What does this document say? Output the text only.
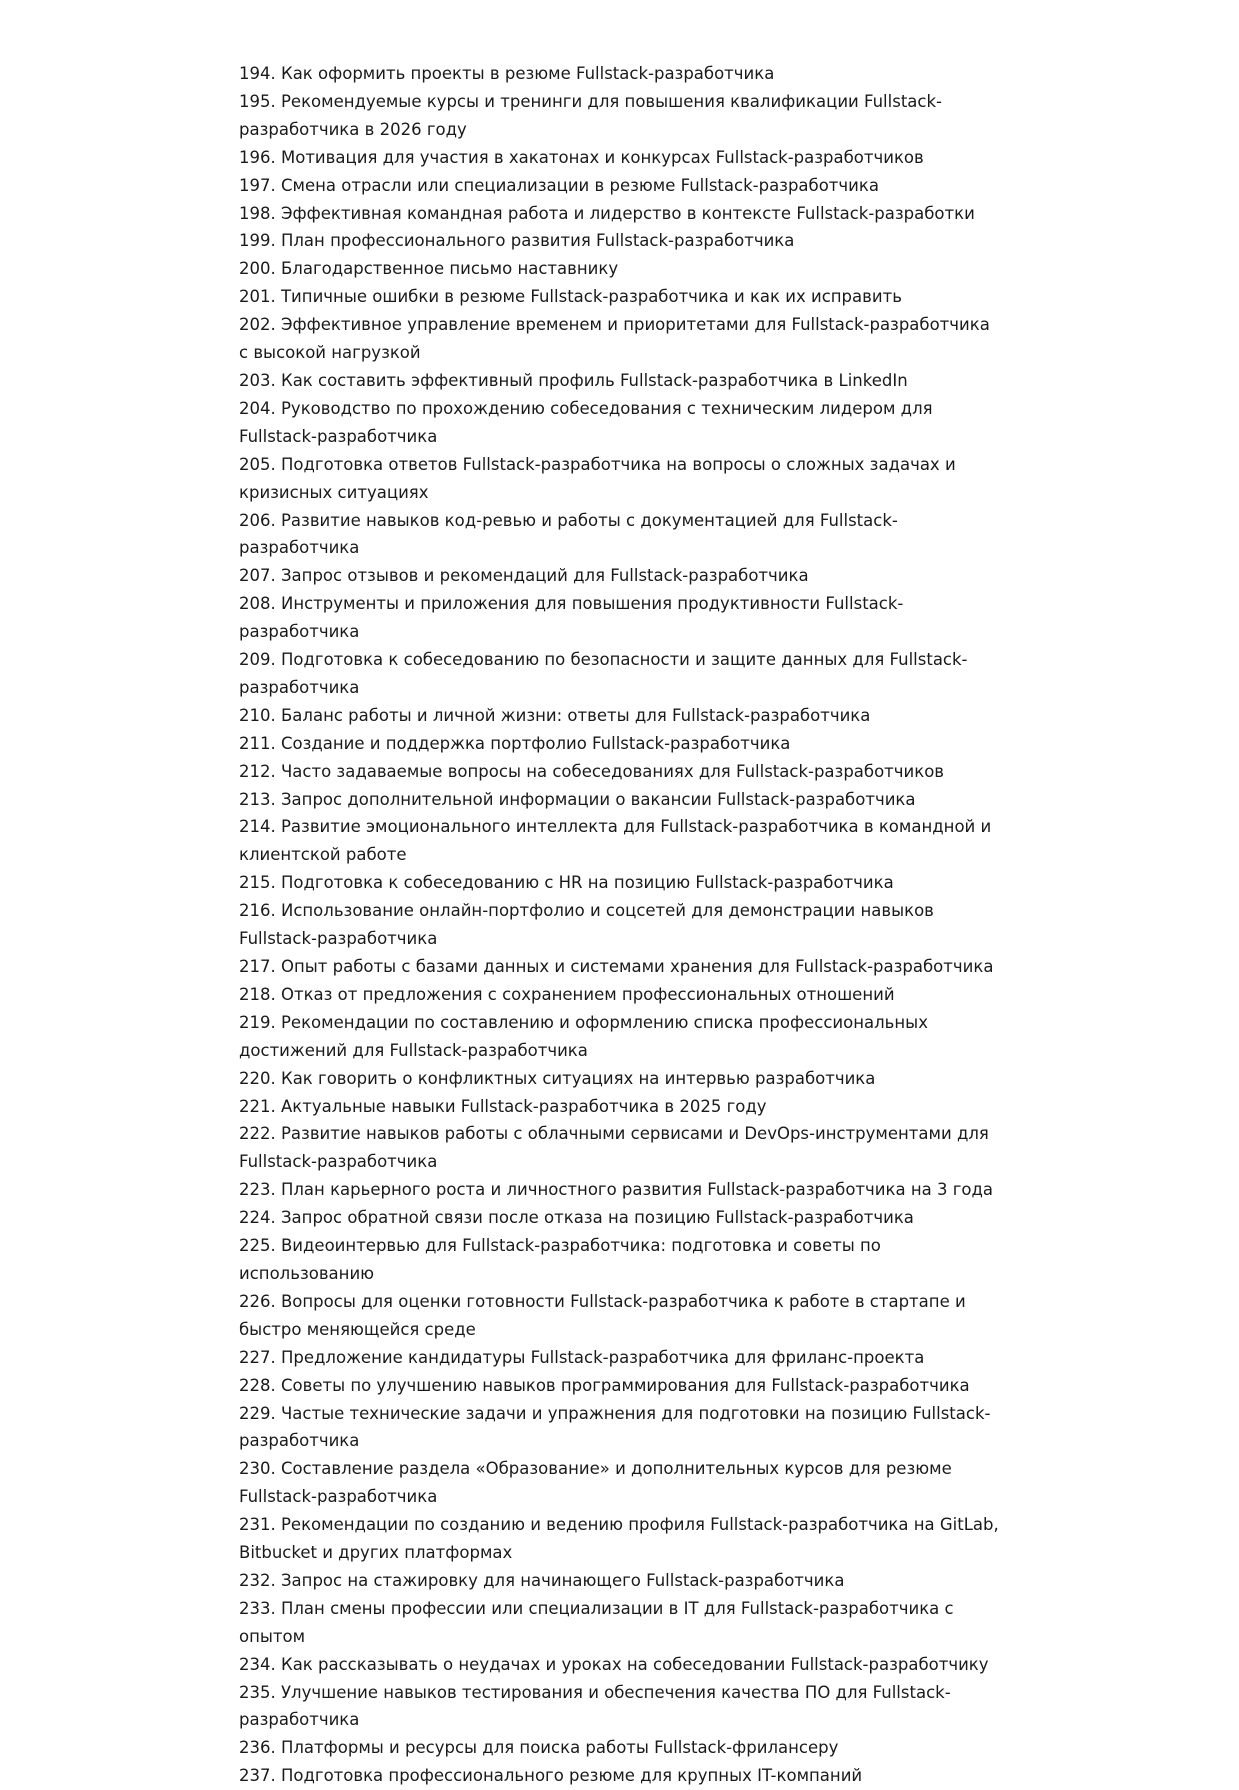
194. Как оформить проекты в резюме Fullstack-разработчика
195. Рекомендуемые курсы и тренинги для повышения квалификации Fullstack-разработчика в 2026 году
196. Мотивация для участия в хакатонах и конкурсах Fullstack-разработчиков
197. Смена отрасли или специализации в резюме Fullstack-разработчика
198. Эффективная командная работа и лидерство в контексте Fullstack-разработки
199. План профессионального развития Fullstack-разработчика
200. Благодарственное письмо наставнику
201. Типичные ошибки в резюме Fullstack-разработчика и как их исправить
202. Эффективное управление временем и приоритетами для Fullstack-разработчика с высокой нагрузкой
203. Как составить эффективный профиль Fullstack-разработчика в LinkedIn
204. Руководство по прохождению собеседования с техническим лидером для Fullstack-разработчика
205. Подготовка ответов Fullstack-разработчика на вопросы о сложных задачах и кризисных ситуациях
206. Развитие навыков код-ревью и работы с документацией для Fullstack-разработчика
207. Запрос отзывов и рекомендаций для Fullstack-разработчика
208. Инструменты и приложения для повышения продуктивности Fullstack-разработчика
209. Подготовка к собеседованию по безопасности и защите данных для Fullstack-разработчика
210. Баланс работы и личной жизни: ответы для Fullstack-разработчика
211. Создание и поддержка портфолио Fullstack-разработчика
212. Часто задаваемые вопросы на собеседованиях для Fullstack-разработчиков
213. Запрос дополнительной информации о вакансии Fullstack-разработчика
214. Развитие эмоционального интеллекта для Fullstack-разработчика в командной и клиентской работе
215. Подготовка к собеседованию с HR на позицию Fullstack-разработчика
216. Использование онлайн-портфолио и соцсетей для демонстрации навыков Fullstack-разработчика
217. Опыт работы с базами данных и системами хранения для Fullstack-разработчика
218. Отказ от предложения с сохранением профессиональных отношений
219. Рекомендации по составлению и оформлению списка профессиональных достижений для Fullstack-разработчика
220. Как говорить о конфликтных ситуациях на интервью разработчика
221. Актуальные навыки Fullstack-разработчика в 2025 году
222. Развитие навыков работы с облачными сервисами и DevOps-инструментами для Fullstack-разработчика
223. План карьерного роста и личностного развития Fullstack-разработчика на 3 года
224. Запрос обратной связи после отказа на позицию Fullstack-разработчика
225. Видеоинтервью для Fullstack-разработчика: подготовка и советы по использованию
226. Вопросы для оценки готовности Fullstack-разработчика к работе в стартапе и быстро меняющейся среде
227. Предложение кандидатуры Fullstack-разработчика для фриланс-проекта
228. Советы по улучшению навыков программирования для Fullstack-разработчика
229. Частые технические задачи и упражнения для подготовки на позицию Fullstack-разработчика
230. Составление раздела «Образование» и дополнительных курсов для резюме Fullstack-разработчика
231. Рекомендации по созданию и ведению профиля Fullstack-разработчика на GitLab, Bitbucket и других платформах
232. Запрос на стажировку для начинающего Fullstack-разработчика
233. План смены профессии или специализации в IT для Fullstack-разработчика с опытом
234. Как рассказывать о неудачах и уроках на собеседовании Fullstack-разработчику
235. Улучшение навыков тестирования и обеспечения качества ПО для Fullstack-разработчика
236. Платформы и ресурсы для поиска работы Fullstack-фрилансеру
237. Подготовка профессионального резюме для крупных IT-компаний
